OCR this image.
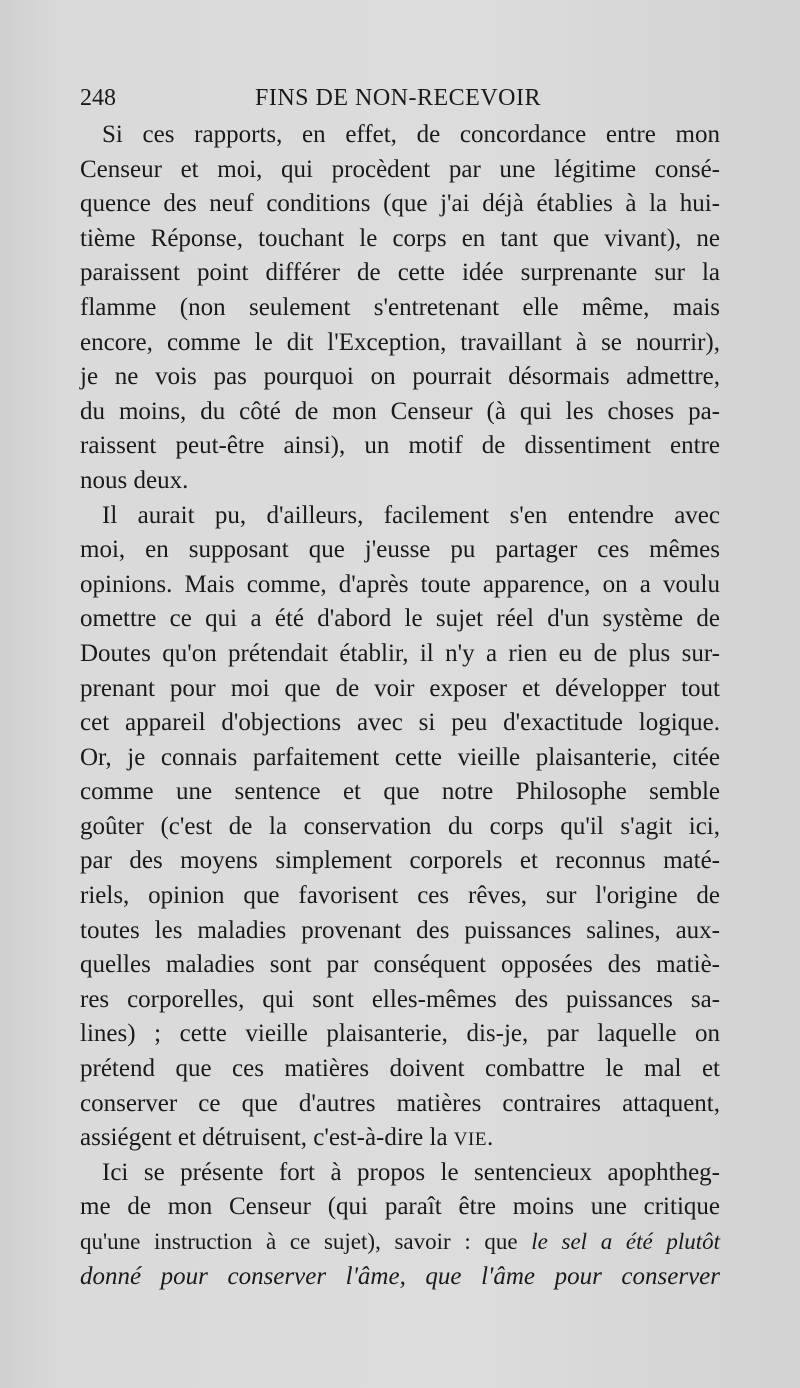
248	FINS DE NON-RECEVOIR
Si ces rapports, en effet, de concordance entre mon
Censeur et moi, qui procèdent par une légitime consé-
quence des neuf conditions (que j'ai déjà établies à la hui-
tième Réponse, touchant le corps en tant que vivant), ne
paraissent point différer de cette idée surprenante sur la
flamme (non seulement s'entretenant elle même, mais
encore, comme le dit l'Exception, travaillant à se nourrir),
je ne vois pas pourquoi on pourrait désormais admettre,
du moins, du côté de mon Censeur (à qui les choses pa-
raissent peut-être ainsi), un motif de dissentiment entre
nous deux.
Il aurait pu, d'ailleurs, facilement s'en entendre avec
moi, en supposant que j'eusse pu partager ces mêmes
opinions. Mais comme, d'après toute apparence, on a voulu
omettre ce qui a été d'abord le sujet réel d'un système de
Doutes qu'on prétendait établir, il n'y a rien eu de plus sur-
prenant pour moi que de voir exposer et développer tout
cet appareil d'objections avec si peu d'exactitude logique.
Or, je connais parfaitement cette vieille plaisanterie, citée
comme une sentence et que notre Philosophe semble
goûter (c'est de la conservation du corps qu'il s'agit ici,
par des moyens simplement corporels et reconnus maté-
riels, opinion que favorisent ces rêves, sur l'origine de
toutes les maladies provenant des puissances salines, aux-
quelles maladies sont par conséquent opposées des matiè-
res corporelles, qui sont elles-mêmes des puissances sa-
lines) ; cette vieille plaisanterie, dis-je, par laquelle on
prétend que ces matières doivent combattre le mal et
conserver ce que d'autres matières contraires attaquent,
assiégent et détruisent, c'est-à-dire la VIE.
Ici se présente fort à propos le sentencieux apophtheg-
me de mon Censeur (qui paraît être moins une critique
qu'une instruction à ce sujet), savoir : que le sel a été plutôt
donné pour conserver l'âme, que l'âme pour conserver
